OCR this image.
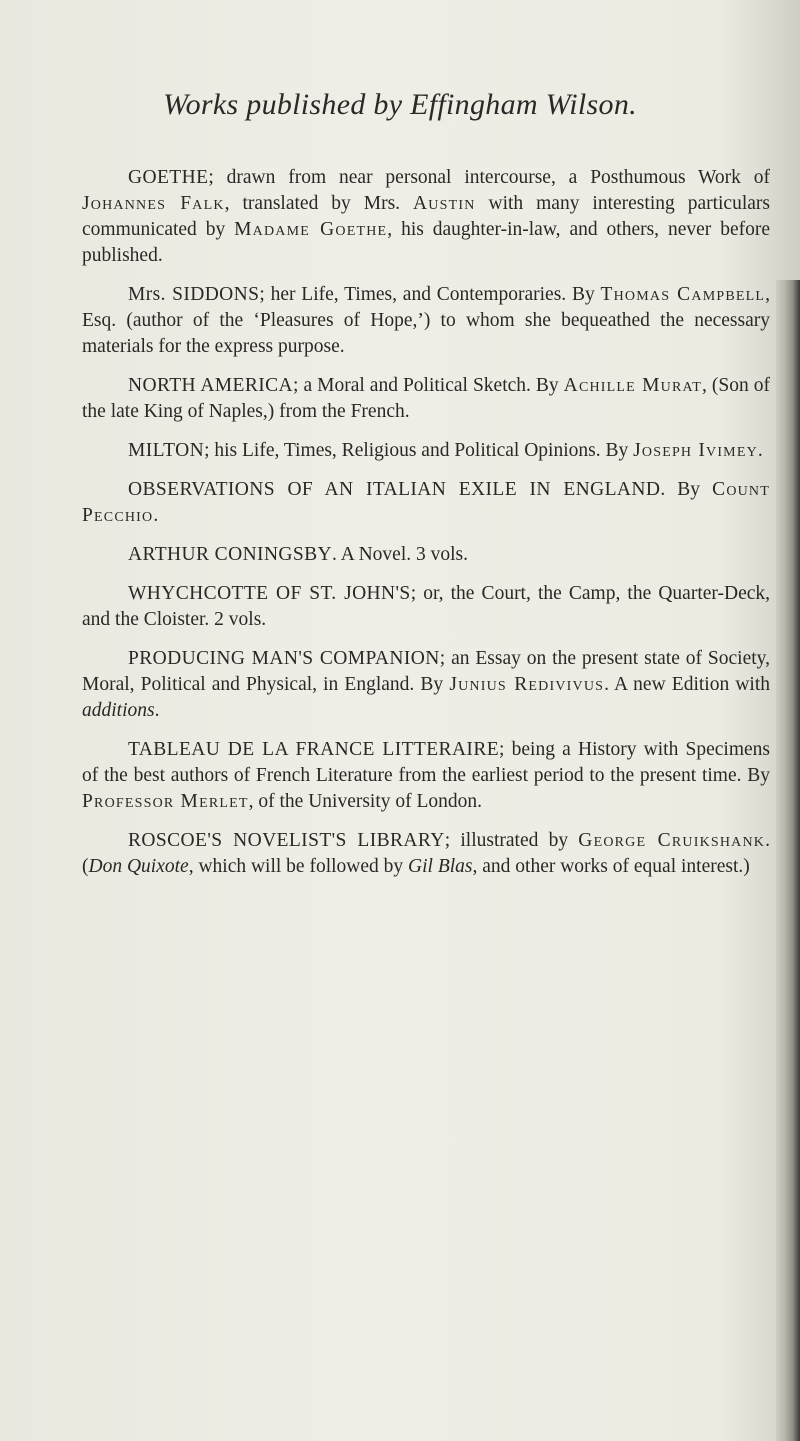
Works published by Effingham Wilson.

GOETHE; drawn from near personal intercourse, a Posthumous Work of Johannes Falk, translated by Mrs. Austin with many interesting particulars communicated by Madame Goethe, his daughter-in-law, and others, never before published.

Mrs. SIDDONS; her Life, Times, and Contemporaries. By Thomas Campbell, Esq. (author of the ‘Pleasures of Hope,’) to whom she bequeathed the necessary materials for the express purpose.

NORTH AMERICA; a Moral and Political Sketch. By Achille Murat, (Son of the late King of Naples,) from the French.

MILTON; his Life, Times, Religious and Political Opinions. By Joseph Ivimey.

OBSERVATIONS OF AN ITALIAN EXILE IN ENGLAND. By Count Pecchio.

ARTHUR CONINGSBY. A Novel. 3 vols.

WHYCHCOTTE OF ST. JOHN'S; or, the Court, the Camp, the Quarter-Deck, and the Cloister. 2 vols.

PRODUCING MAN'S COMPANION; an Essay on the present state of Society, Moral, Political and Physical, in England. By Junius Redivivus. A new Edition with additions.

TABLEAU DE LA FRANCE LITTERAIRE; being a History with Specimens of the best authors of French Literature from the earliest period to the present time. By Professor Merlet, of the University of London.

ROSCOE'S NOVELIST'S LIBRARY; illustrated by George Cruikshank. (Don Quixote, which will be followed by Gil Blas, and other works of equal interest.)
